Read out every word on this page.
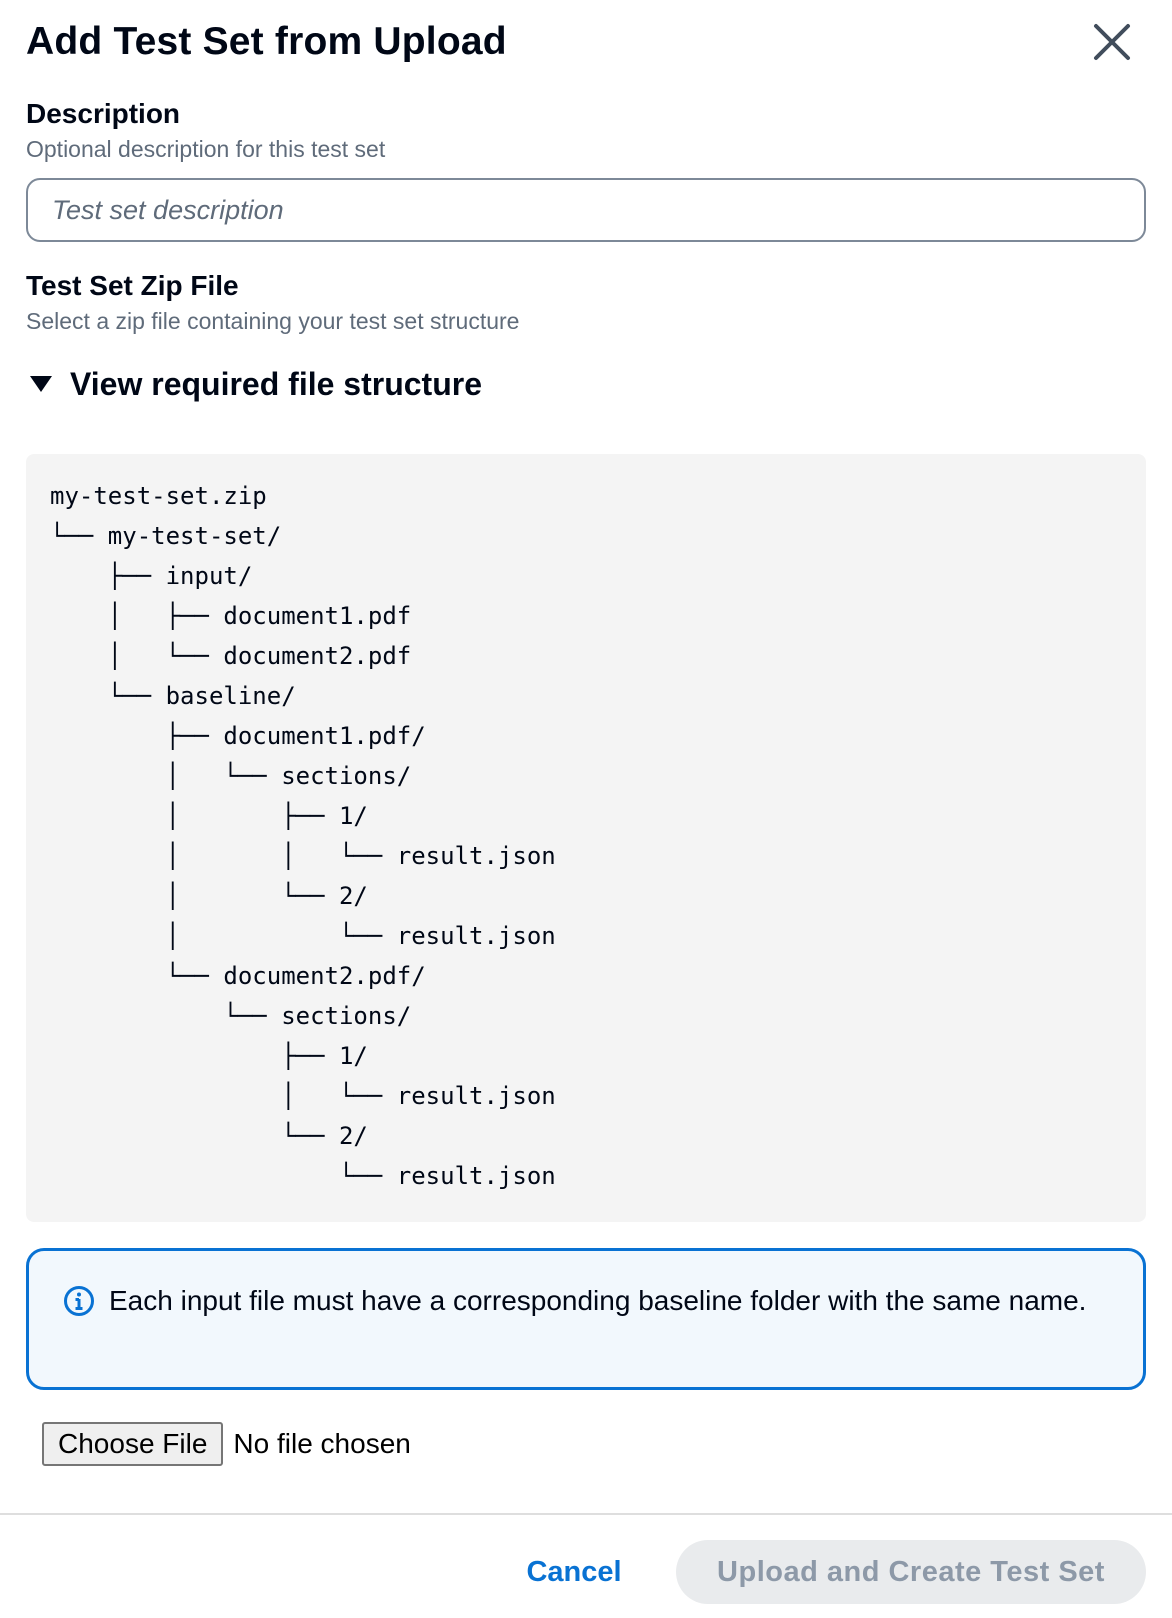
Add Test Set from Upload
Description
Optional description for this test set
Test set description
Test Set Zip File
Select a zip file containing your test set structure
View required file structure
my-test-set.zip
└── my-test-set/
├── input/
│   ├── document1.pdf
│   └── document2.pdf
└── baseline/
├── document1.pdf/
│   └── sections/
│       ├── 1/
│       │   └── result.json
│       └── 2/
│           └── result.json
└── document2.pdf/
└── sections/
├── 1/
│   └── result.json
└── 2/
└── result.json
Each input file must have a corresponding baseline folder with the same name.
Choose File No file chosen
Cancel	Upload and Create Test Set
